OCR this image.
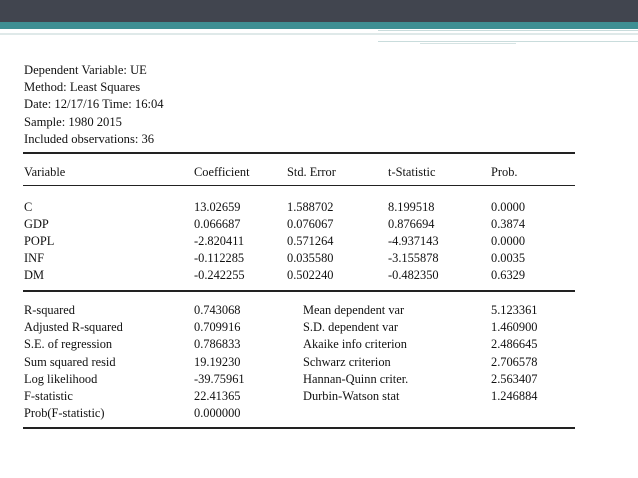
Dependent Variable: UE
Method: Least Squares
Date: 12/17/16 Time: 16:04
Sample: 1980 2015
Included observations: 36
Variable	Coefficient	Std. Error	t-Statistic	Prob.
C	13.02659	1.588702	8.199518	0.0000
GDP	0.066687	0.076067	0.876694	0.3874
POPL	-2.820411	0.571264	-4.937143	0.0000
INF	-0.112285	0.035580	-3.155878	0.0035
DM	-0.242255	0.502240	-0.482350	0.6329
R-squared	0.743068	Mean dependent var	5.123361
Adjusted R-squared	0.709916	S.D. dependent var	1.460900
S.E. of regression	0.786833	Akaike info criterion	2.486645
Sum squared resid	19.19230	Schwarz criterion	2.706578
Log likelihood	-39.75961	Hannan-Quinn criter.	2.563407
F-statistic	22.41365	Durbin-Watson stat	1.246884
Prob(F-statistic)	0.000000
